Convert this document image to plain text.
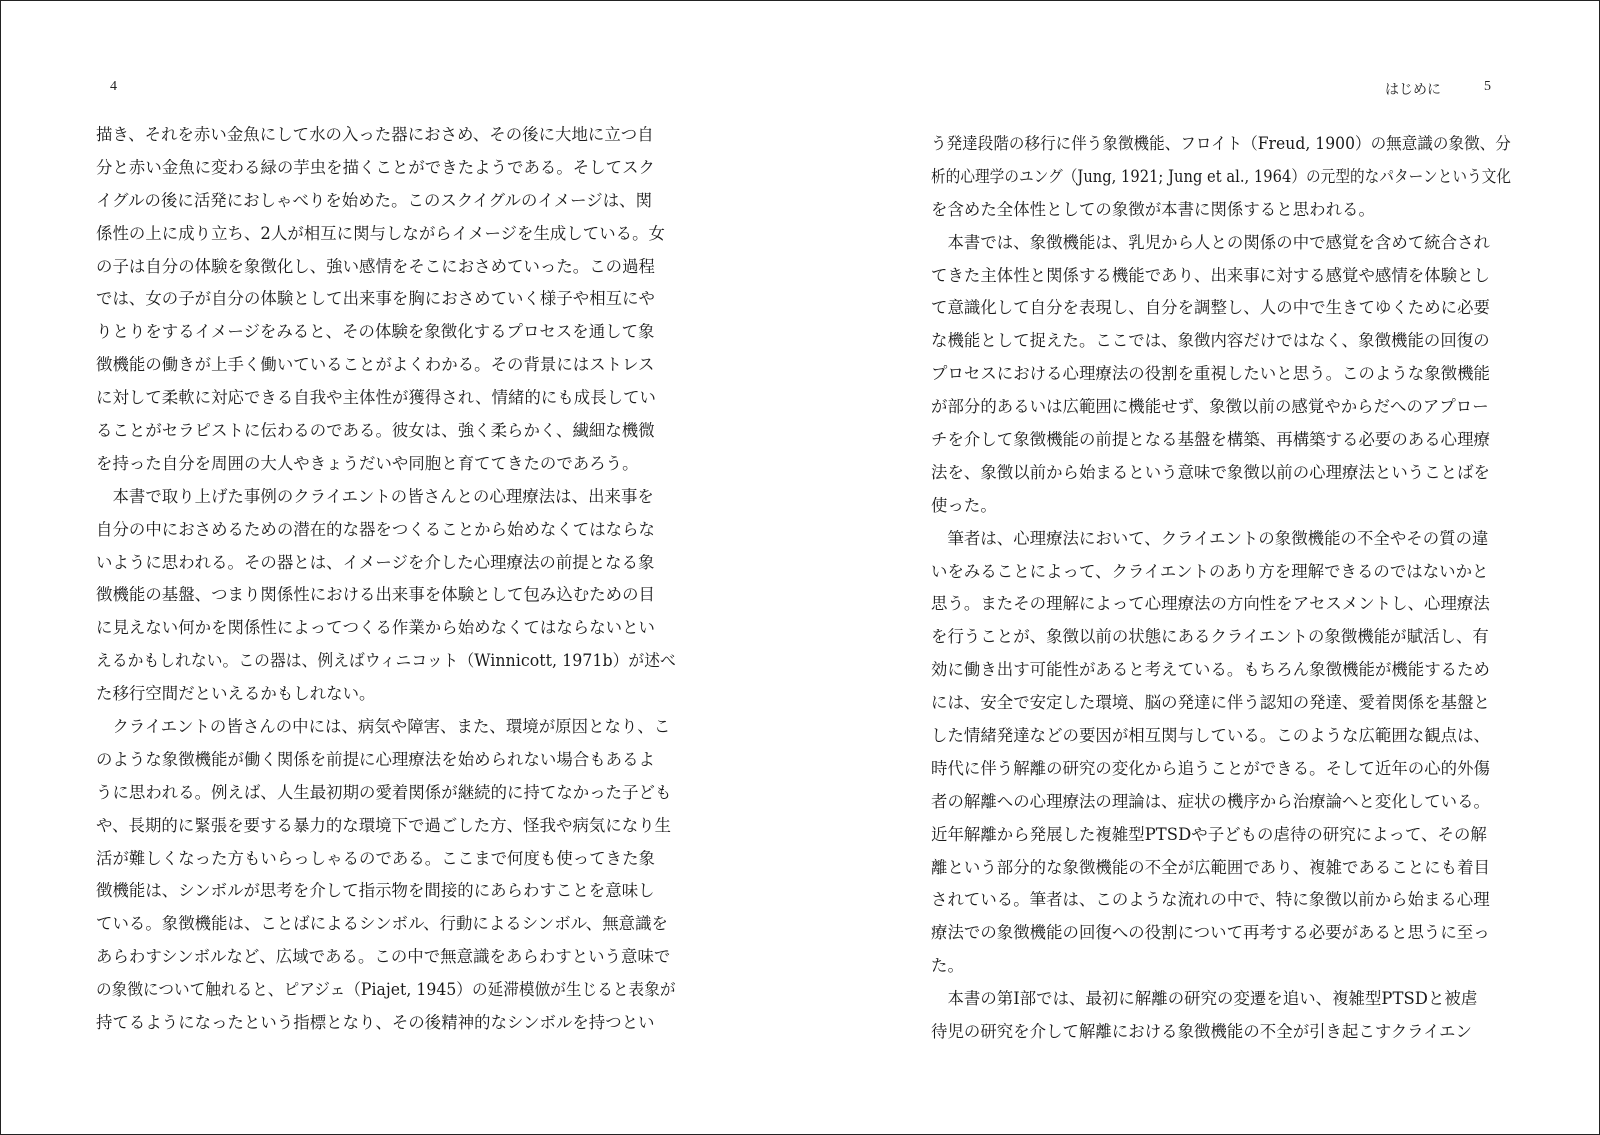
4	はじめに	5
描き、それを赤い金魚にして水の入った器におさめ、その後に大地に立つ自
分と赤い金魚に変わる緑の芋虫を描くことができたようである。そしてスク
イグルの後に活発におしゃべりを始めた。このスクイグルのイメージは、関
係性の上に成り立ち、2人が相互に関与しながらイメージを生成している。女
の子は自分の体験を象徴化し、強い感情をそこにおさめていった。この過程
では、女の子が自分の体験として出来事を胸におさめていく様子や相互にや
りとりをするイメージをみると、その体験を象徴化するプロセスを通して象
徴機能の働きが上手く働いていることがよくわかる。その背景にはストレス
に対して柔軟に対応できる自我や主体性が獲得され、情緒的にも成長してい
ることがセラピストに伝わるのである。彼女は、強く柔らかく、繊細な機微
を持った自分を周囲の大人やきょうだいや同胞と育ててきたのであろう。
　本書で取り上げた事例のクライエントの皆さんとの心理療法は、出来事を
自分の中におさめるための潜在的な器をつくることから始めなくてはならな
いように思われる。その器とは、イメージを介した心理療法の前提となる象
徴機能の基盤、つまり関係性における出来事を体験として包み込むための目
に見えない何かを関係性によってつくる作業から始めなくてはならないとい
えるかもしれない。この器は、例えばウィニコット（Winnicott, 1971b）が述べ
た移行空間だといえるかもしれない。
　クライエントの皆さんの中には、病気や障害、また、環境が原因となり、こ
のような象徴機能が働く関係を前提に心理療法を始められない場合もあるよ
うに思われる。例えば、人生最初期の愛着関係が継続的に持てなかった子ども
や、長期的に緊張を要する暴力的な環境下で過ごした方、怪我や病気になり生
活が難しくなった方もいらっしゃるのである。ここまで何度も使ってきた象
徴機能は、シンボルが思考を介して指示物を間接的にあらわすことを意味し
ている。象徴機能は、ことばによるシンボル、行動によるシンボル、無意識を
あらわすシンボルなど、広域である。この中で無意識をあらわすという意味で
の象徴について触れると、ピアジェ（Piajet, 1945）の延滞模倣が生じると表象が
持てるようになったという指標となり、その後精神的なシンボルを持つとい
う発達段階の移行に伴う象徴機能、フロイト（Freud, 1900）の無意識の象徴、分
析的心理学のユング（Jung, 1921; Jung et al., 1964）の元型的なパターンという文化
を含めた全体性としての象徴が本書に関係すると思われる。
　本書では、象徴機能は、乳児から人との関係の中で感覚を含めて統合され
てきた主体性と関係する機能であり、出来事に対する感覚や感情を体験とし
て意識化して自分を表現し、自分を調整し、人の中で生きてゆくために必要
な機能として捉えた。ここでは、象徴内容だけではなく、象徴機能の回復の
プロセスにおける心理療法の役割を重視したいと思う。このような象徴機能
が部分的あるいは広範囲に機能せず、象徴以前の感覚やからだへのアプロー
チを介して象徴機能の前提となる基盤を構築、再構築する必要のある心理療
法を、象徴以前から始まるという意味で象徴以前の心理療法ということばを
使った。
　筆者は、心理療法において、クライエントの象徴機能の不全やその質の違
いをみることによって、クライエントのあり方を理解できるのではないかと
思う。またその理解によって心理療法の方向性をアセスメントし、心理療法
を行うことが、象徴以前の状態にあるクライエントの象徴機能が賦活し、有
効に働き出す可能性があると考えている。もちろん象徴機能が機能するため
には、安全で安定した環境、脳の発達に伴う認知の発達、愛着関係を基盤と
した情緒発達などの要因が相互関与している。このような広範囲な観点は、
時代に伴う解離の研究の変化から追うことができる。そして近年の心的外傷
者の解離への心理療法の理論は、症状の機序から治療論へと変化している。
近年解離から発展した複雑型PTSDや子どもの虐待の研究によって、その解
離という部分的な象徴機能の不全が広範囲であり、複雑であることにも着目
されている。筆者は、このような流れの中で、特に象徴以前から始まる心理
療法での象徴機能の回復への役割について再考する必要があると思うに至っ
た。
　本書の第Ⅰ部では、最初に解離の研究の変遷を追い、複雑型PTSDと被虐
待児の研究を介して解離における象徴機能の不全が引き起こすクライエン
